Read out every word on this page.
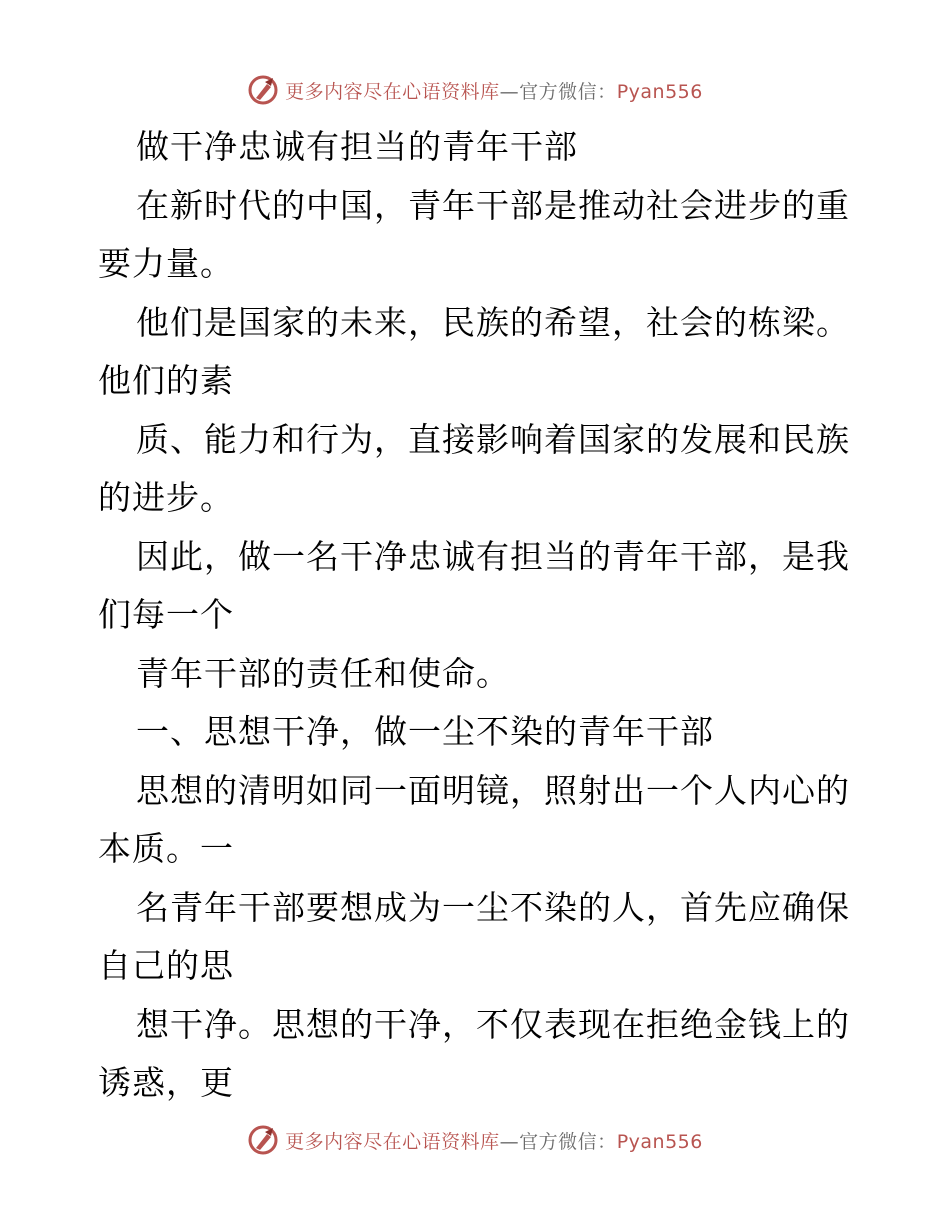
更多内容尽在心语资料库—官方微信：Pyan556
做干净忠诚有担当的青年干部
在新时代的中国，青年干部是推动社会进步的重
要力量。
他们是国家的未来，民族的希望，社会的栋梁。
他们的素
质、能力和行为，直接影响着国家的发展和民族
的进步。
因此，做一名干净忠诚有担当的青年干部，是我
们每一个
青年干部的责任和使命。
一、思想干净，做一尘不染的青年干部
思想的清明如同一面明镜，照射出一个人内心的
本质。一
名青年干部要想成为一尘不染的人，首先应确保
自己的思
想干净。思想的干净，不仅表现在拒绝金钱上的
诱惑，更
更多内容尽在心语资料库—官方微信：Pyan556
